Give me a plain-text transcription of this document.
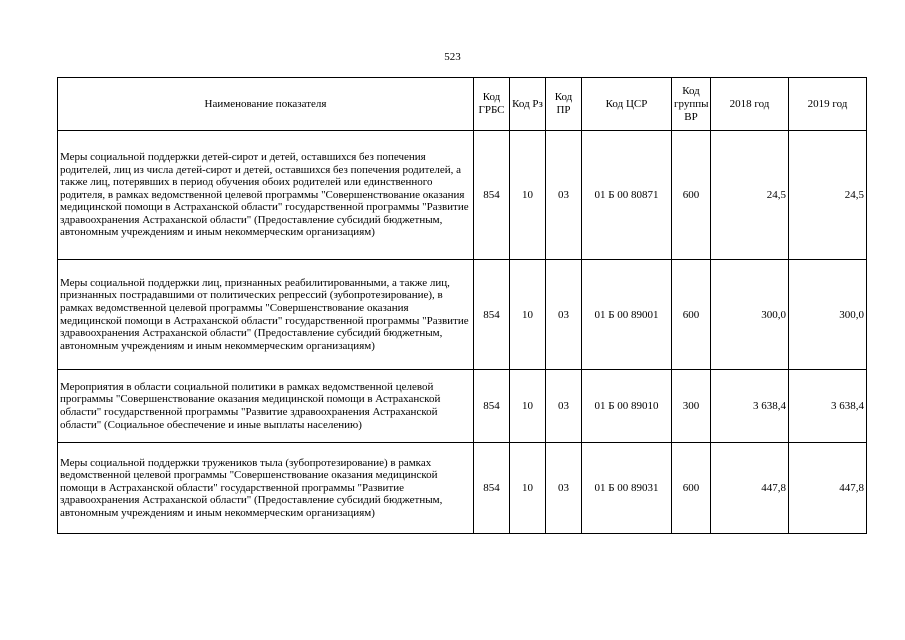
523
Наименование показателя	Код ГРБС	Код Рз	Код ПР	Код ЦСР	Код группы ВР	2018 год	2019 год
Меры социальной поддержки детей-сирот и детей, оставшихся без попечения родителей, лиц из числа детей-сирот и детей, оставшихся без попечения родителей, а также лиц, потерявших в период обучения обоих родителей или единственного родителя, в рамках ведомственной целевой программы "Совершенствование оказания медицинской помощи в Астраханской области" государственной программы "Развитие здравоохранения Астраханской области" (Предоставление субсидий бюджетным, автономным учреждениям и иным некоммерческим организациям)	854	10	03	01 Б 00 80871	600	24,5	24,5
Меры социальной поддержки лиц, признанных реабилитированными, а также лиц, признанных пострадавшими от политических репрессий (зубопротезирование), в рамках ведомственной целевой программы "Совершенствование оказания медицинской помощи в Астраханской области" государственной программы "Развитие здравоохранения Астраханской области" (Предоставление субсидий бюджетным, автономным учреждениям и иным некоммерческим организациям)	854	10	03	01 Б 00 89001	600	300,0	300,0
Мероприятия в области социальной политики в рамках ведомственной целевой программы "Совершенствование оказания медицинской помощи в Астраханской области" государственной программы "Развитие здравоохранения Астраханской области" (Социальное обеспечение и иные выплаты населению)	854	10	03	01 Б 00 89010	300	3 638,4	3 638,4
Меры социальной поддержки тружеников тыла (зубопротезирование) в рамках ведомственной целевой программы "Совершенствование оказания медицинской помощи в Астраханской области" государственной программы "Развитие здравоохранения Астраханской области" (Предоставление субсидий бюджетным, автономным учреждениям и иным некоммерческим организациям)	854	10	03	01 Б 00 89031	600	447,8	447,8
